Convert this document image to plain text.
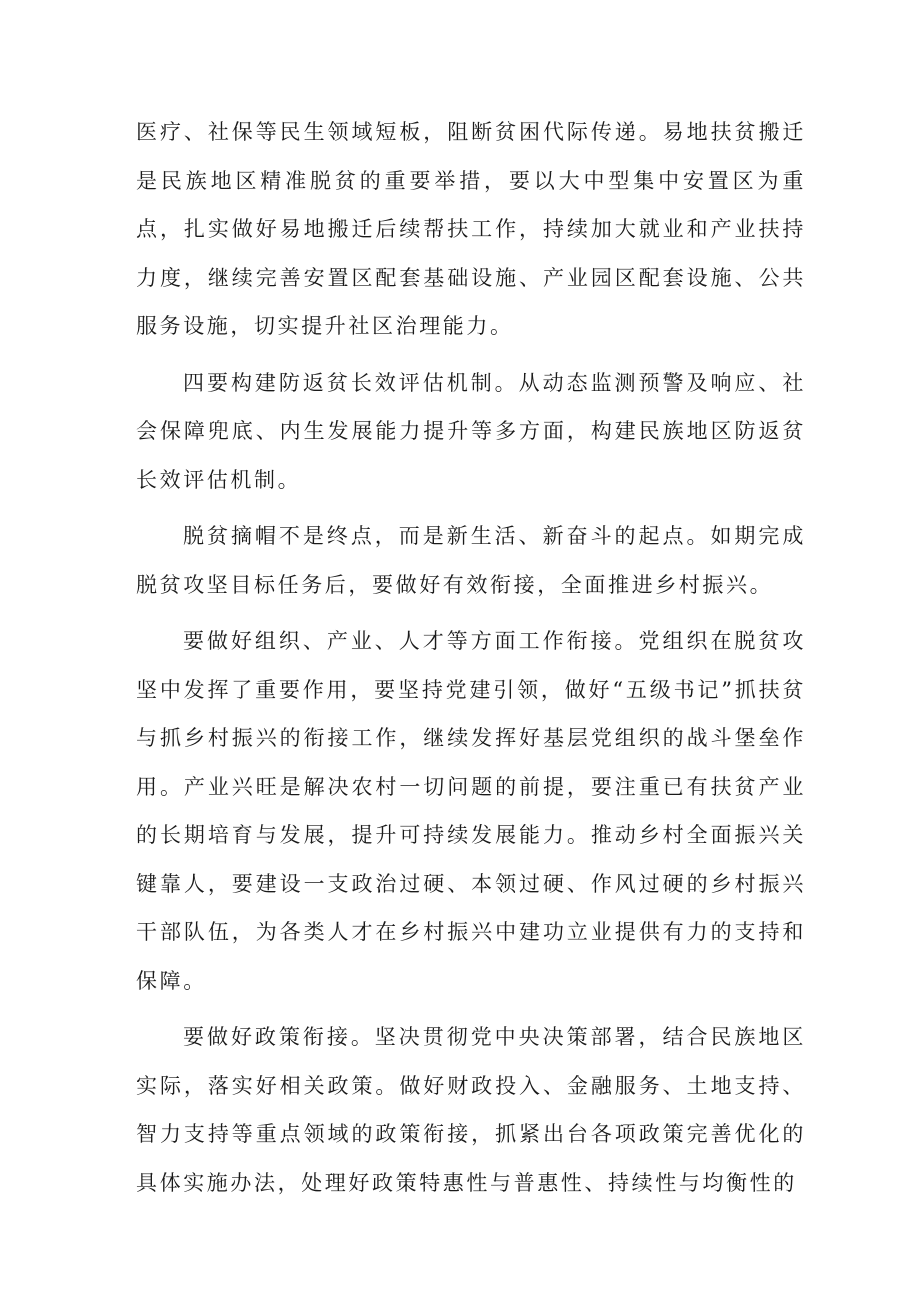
医疗、社保等民生领域短板，阻断贫困代际传递。易地扶贫搬迁是民族地区精准脱贫的重要举措，要以大中型集中安置区为重点，扎实做好易地搬迁后续帮扶工作，持续加大就业和产业扶持力度，继续完善安置区配套基础设施、产业园区配套设施、公共服务设施，切实提升社区治理能力。

四要构建防返贫长效评估机制。从动态监测预警及响应、社会保障兜底、内生发展能力提升等多方面，构建民族地区防返贫长效评估机制。

脱贫摘帽不是终点，而是新生活、新奋斗的起点。如期完成脱贫攻坚目标任务后，要做好有效衔接，全面推进乡村振兴。

要做好组织、产业、人才等方面工作衔接。党组织在脱贫攻坚中发挥了重要作用，要坚持党建引领，做好“五级书记”抓扶贫与抓乡村振兴的衔接工作，继续发挥好基层党组织的战斗堡垒作用。产业兴旺是解决农村一切问题的前提，要注重已有扶贫产业的长期培育与发展，提升可持续发展能力。推动乡村全面振兴关键靠人，要建设一支政治过硬、本领过硬、作风过硬的乡村振兴干部队伍，为各类人才在乡村振兴中建功立业提供有力的支持和保障。

要做好政策衔接。坚决贯彻党中央决策部署，结合民族地区实际，落实好相关政策。做好财政投入、金融服务、土地支持、智力支持等重点领域的政策衔接，抓紧出台各项政策完善优化的具体实施办法，处理好政策特惠性与普惠性、持续性与均衡性的
